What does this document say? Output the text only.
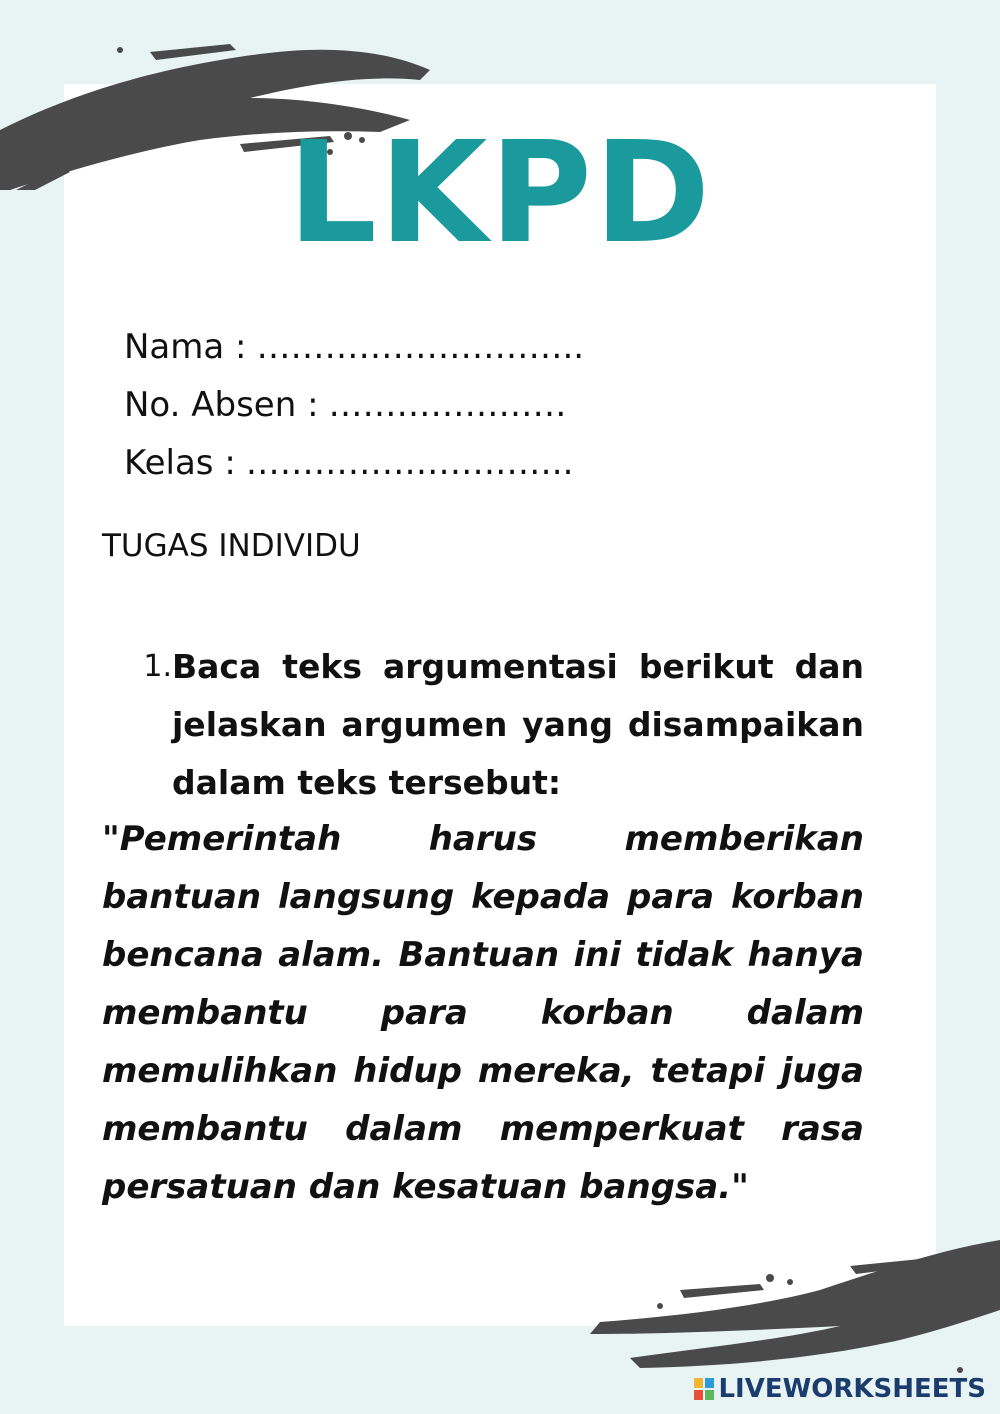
LKPD
Nama : ………………………..
No. Absen : …………………
Kelas : ………………………..
TUGAS INDIVIDU
1. Baca teks argumentasi berikut dan jelaskan argumen yang disampaikan dalam teks tersebut:
"Pemerintah harus memberikan bantuan langsung kepada para korban bencana alam. Bantuan ini tidak hanya membantu para korban dalam memulihkan hidup mereka, tetapi juga membantu dalam memperkuat rasa persatuan dan kesatuan bangsa."
LIVEWORKSHEETS
